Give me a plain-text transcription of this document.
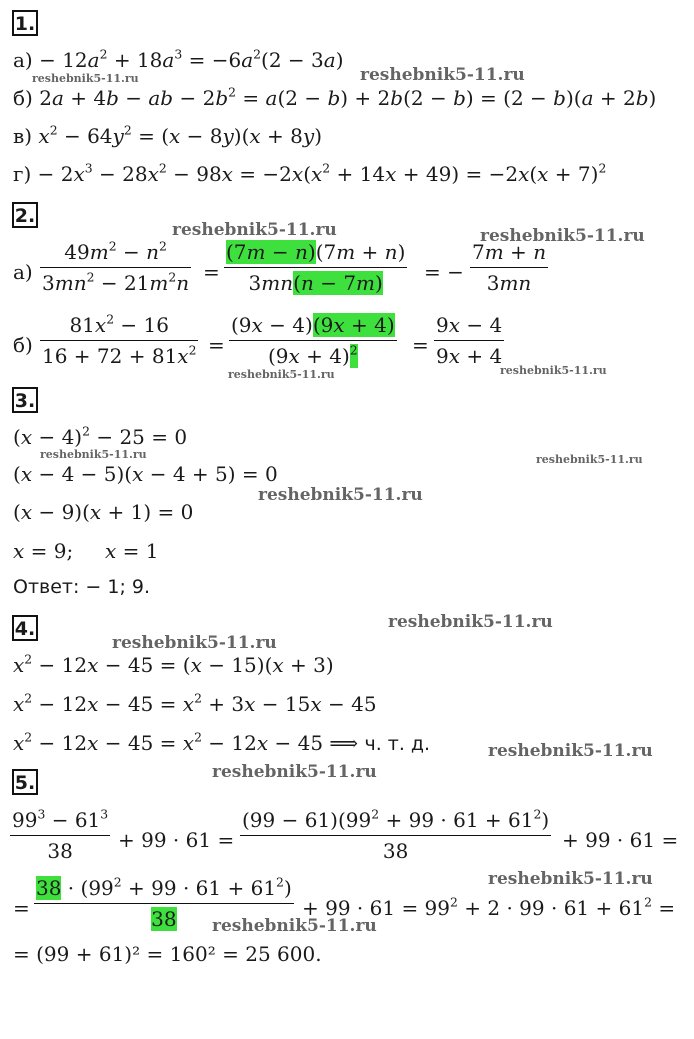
1.
$а) - 12a^2 + 18a^3 = -6a^2(2 - 3a)$
б) 2a + 4b − ab − $2b^2 = a(2 - b) + 2b(2 - b) = (2 - b)(a + 2b)$
в) $x^2 - 64y^2 = (x - 8y)(x + 8y)$
$г) - 2x^3 - 28x^2 - 98x = -2x(x^2 + 14x + 49) = -2x(x + 7)^2$
2.
а)
$49m^2 - n^2$
$3mn^2 - 21m^2n$ =
(7m − n)(7m + n)
3mn(n − 7m)	= −
7m + n
3mn
б)
$81x^2 - 16$
$16 + 72 + 81x^2$ =
(9x − 4)(9x + 4)
$(9x + 4)^2$	=
9x − 4
9x + 4
3.
$(x - 4)^2 - 25 = 0$
(x − 4 − 5)(x − 4 + 5) = 0
(x − 9)(x + 1) = 0
x = 9;     x = 1
Ответ: − 1; 9.
4.
$x^2 - 12x - 45 = (x - 15)(x + 3)$
$x^2 - 12x - 45 = x^2 + 3x - 15x - 45$
$x^2 - 12x - 45 = x^2 - 12x - 45$ ⟹ ч. т. д.
5.
$99^3 - 61^3$
38	+ 99 · 61 =
$(99 - 61)(99^2 + 99 \cdot 61 + 61^2)$
38	+ 99 · 61 =
=
$38 \cdot (99^2 + 99 \cdot 61 + 61^2)$
38	+ $99 \cdot 61 = 99^2 + 2 \cdot 99 \cdot 61 + 61^2$ =
= (99 + 61)² = 160² = 25 600.
reshebnik5-11.ru	reshebnik5-11.ru
reshebnik5-11.ru	reshebnik5-11.ru
reshebnik5-11.ru	reshebnik5-11.ru
reshebnik5-11.ru	reshebnik5-11.ru
reshebnik5-11.ru
reshebnik5-11.ru
reshebnik5-11.ru
reshebnik5-11.ru
reshebnik5-11.ru
reshebnik5-11.ru
reshebnik5-11.ru
